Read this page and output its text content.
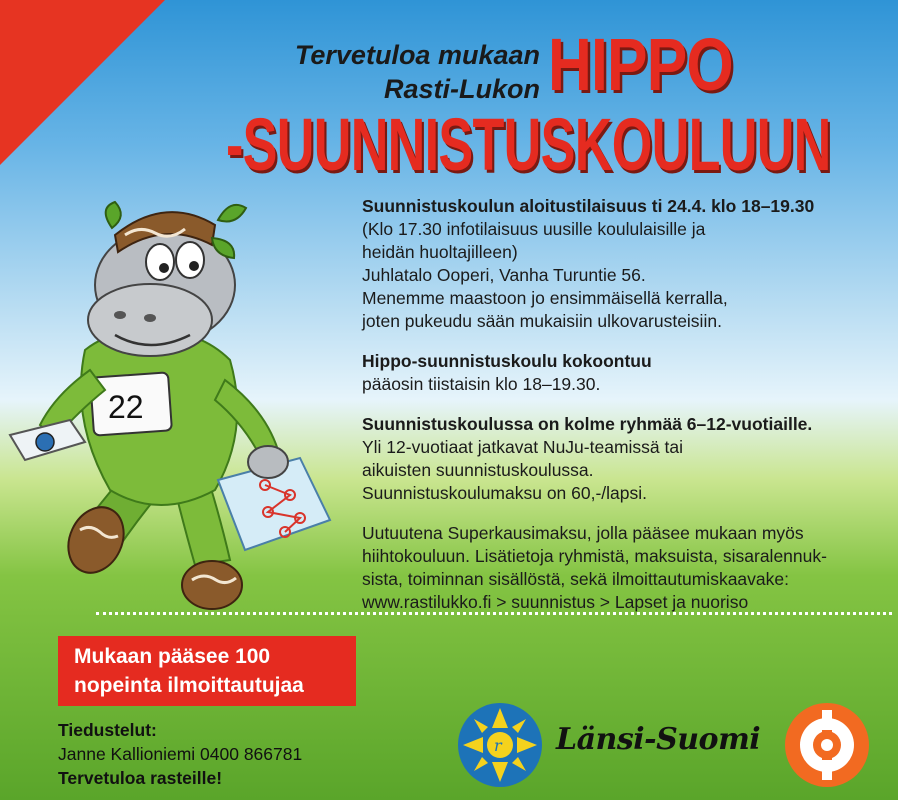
Tervetuloa mukaan
Rasti-Lukon HIPPO
-SUUNNISTUSKOULUUN
22

Suunnistuskoulun aloitustilaisuus ti 24.4. klo 18–19.30
(Klo 17.30 infotilaisuus uusille koululaisille ja
heidän huoltajilleen)
Juhlatalo Ooperi, Vanha Turuntie 56.
Menemme maastoon jo ensimmäisellä kerralla,
joten pukeudu sään mukaisiin ulkovarusteisiin.

Hippo-suunnistuskoulu kokoontuu
pääosin tiistaisin klo 18–19.30.

Suunnistuskoulussa on kolme ryhmää 6–12-vuotiaille.
Yli 12-vuotiaat jatkavat NuJu-teamissä tai
aikuisten suunnistuskoulussa.
Suunnistuskoulumaksu on 60,-/lapsi.

Uutuutena Superkausimaksu, jolla pääsee mukaan myös
hiihtokouluun. Lisätietoja ryhmistä, maksuista, sisaralennuk-
sista, toiminnan sisällöstä, sekä ilmoittautumiskaavake:
www.rastilukko.fi > suunnistus > Lapset ja nuoriso

Mukaan pääsee 100
nopeinta ilmoittautujaa
Tiedustelut:
Janne Kallioniemi 0400 866781
Tervetuloa rasteille!
r Länsi-Suomi
